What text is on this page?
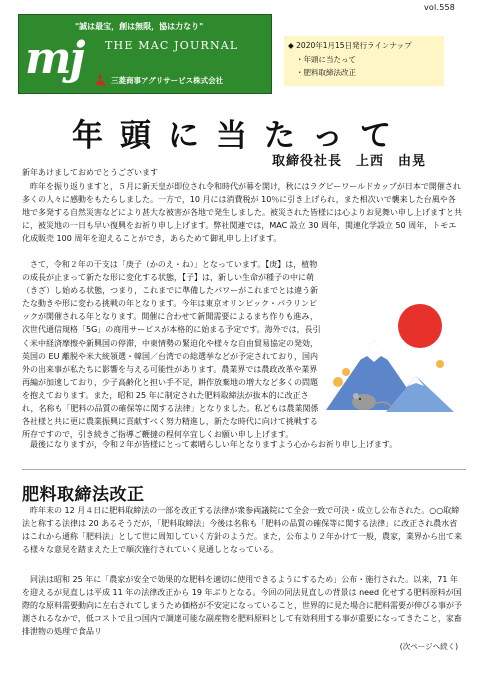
vol.558
"誠は最宝，創は無限，協は力なり"
mj THE MAC JOURNAL
三菱商事アグリサービス株式会社
◆ 2020年1月15日発行ラインナップ
・年頭に当たって
・肥料取締法改正
年頭に当たって
取締役社長　上西　由晃

新年あけましておめでとうございます

昨年を振り返りますと，５月に新天皇が即位され令和時代が幕を開け，秋にはラグビーワールドカップが日本で開催され多くの人々に感動をもたらしました。一方で，10 月には消費税が 10％に引き上げられ，また相次いで襲来した台風や各地で多発する自然災害などにより甚大な被害が各地で発生しました。被災された皆様には心よりお見舞い申し上げますと共に，被災地の一日も早い復興をお祈り申し上げます。弊社関連では，MAC 設立 30 周年，関連化学設立 50 周年，トモエ化成販売 100 周年を迎えることができ，あらためて御礼申し上げます。

さて，令和２年の干支は「庚子（かのえ・ね）」となっています。【庚】は，植物の成長が止まって新たな形に変化する状態，【子】は，新しい生命が種子の中に萌（きざ）し始める状態，つまり，これまでに準備したパワーがこれまでとは違う新たな動きや形に変わる挑戦の年となります。今年は東京オリンピック・パラリンピックが開催される年となります。開催に合わせて新聞需要によるまち作りも進み，次世代通信規格「5G」の商用サービスが本格的に始まる予定です。海外では，長引く米中経済摩擦や新興国の停滞，中東情勢の緊迫化や様々な自由貿易協定の発効，英国の EU 離脱や米大統領選・韓国／台湾での総選挙などが予定されており，国内外の出来事が私たちに影響を与える可能性があります。農業界では農政改革や業界再編が加速しており，少子高齢化と担い手不足，耕作放棄地の増大など多くの問題を抱えております。また，昭和 25 年に制定された肥料取締法が抜本的に改正され，名称も「肥料の品質の確保等に関する法律」となりました。私どもは農業関係各社様と共に更に農業振興に貢献すべく努力精進し，新たな時代に向けて挑戦する所存ですので，引き続きご指導ご鞭撻の程何卒宜しくお願い申し上げます。

最後になりますが，令和２年が皆様にとって素晴らしい年となりますよう心からお祈り申し上げます。

肥料取締法改正

昨年末の 12 月４日に肥料取締法の一部を改正する法律が衆参両議院にて全会一致で可決・成立し公布された。○○取締法と称する法律は 20 あるそうだが，「肥料取締法」今後は名称も「肥料の品質の確保等に関する法律」に改正され農水省はこれから通称「肥料法」として世に周知していく方針のようだ。また，公布より２年かけて一般，農家，業界から出て来る様々な意見を踏まえた上で順次施行されていく見通しとなっている。

同法は昭和 25 年に「農家が安全で効果的な肥料を適切に使用できるようにするため」公布・施行された。以来，71 年を迎えるが見直しは平成 11 年の法律改正から 19 年ぶりとなる。今回の同法見直しの背景は need 化せする肥料原料が国際的な原料需要動向に左右されてしまうため価格が不安定になっていること，世界的に見た場合に肥料需要が伸びる事が予測されるなかで，低コストで且つ国内で調達可能な副産物を肥料原料として有効利用する事が重要になってきたこと，家畜排泄物の処理で食品リ

(次ページへ続く)
